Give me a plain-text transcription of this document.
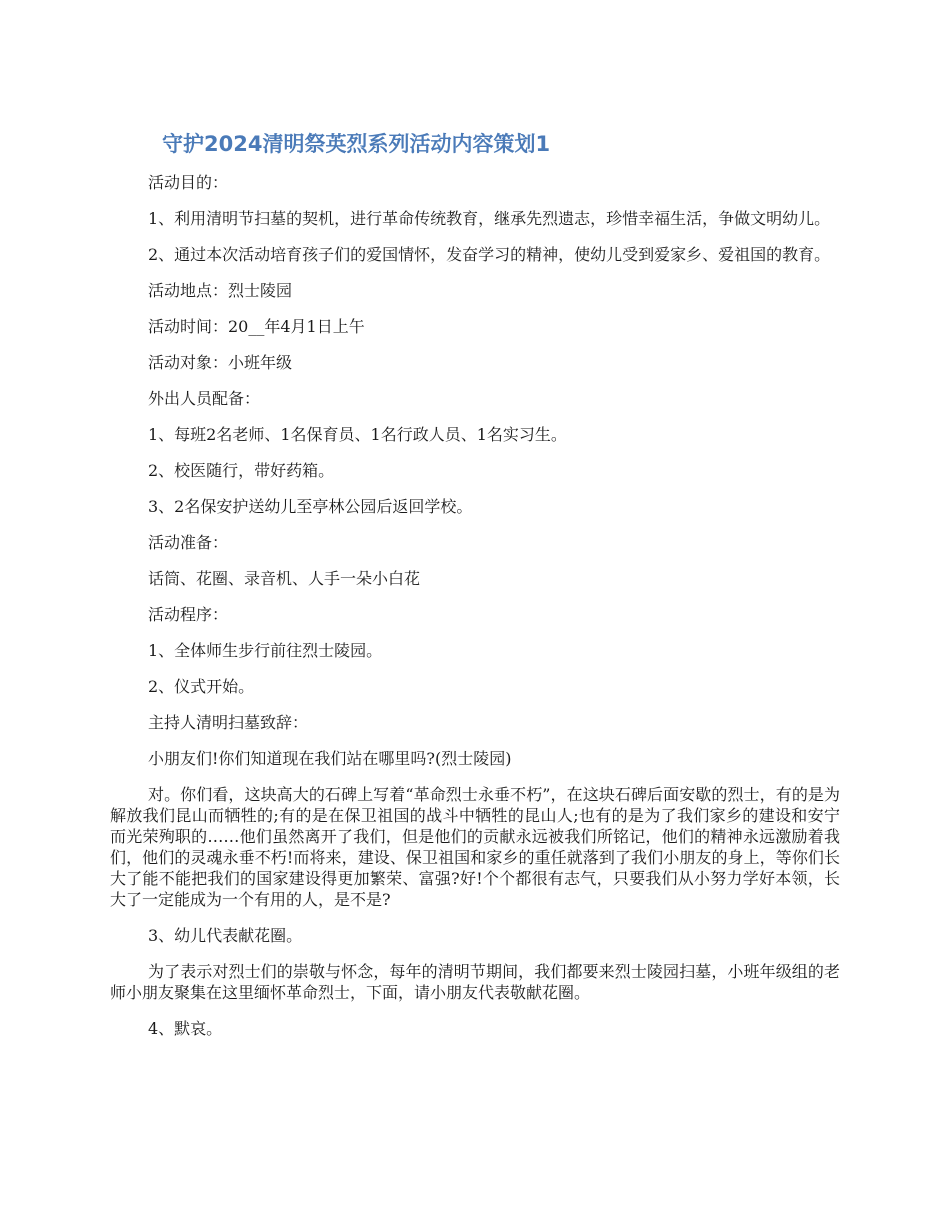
守护2024清明祭英烈系列活动内容策划1

活动目的：

1、利用清明节扫墓的契机，进行革命传统教育，继承先烈遗志，珍惜幸福生活，争做文明幼儿。

2、通过本次活动培育孩子们的爱国情怀，发奋学习的精神，使幼儿受到爱家乡、爱祖国的教育。

活动地点：烈士陵园

活动时间：20__年4月1日上午

活动对象：小班年级

外出人员配备：

1、每班2名老师、1名保育员、1名行政人员、1名实习生。

2、校医随行，带好药箱。

3、2名保安护送幼儿至亭林公园后返回学校。

活动准备：

话筒、花圈、录音机、人手一朵小白花

活动程序：

1、全体师生步行前往烈士陵园。

2、仪式开始。

主持人清明扫墓致辞：

小朋友们!你们知道现在我们站在哪里吗?(烈士陵园)

对。你们看，这块高大的石碑上写着“革命烈士永垂不朽”，在这块石碑后面安歇的烈士，有的是为解放我们昆山而牺牲的;有的是在保卫祖国的战斗中牺牲的昆山人;也有的是为了我们家乡的建设和安宁而光荣殉职的……他们虽然离开了我们，但是他们的贡献永远被我们所铭记，他们的精神永远激励着我们，他们的灵魂永垂不朽!而将来，建设、保卫祖国和家乡的重任就落到了我们小朋友的身上，等你们长大了能不能把我们的国家建设得更加繁荣、富强?好!个个都很有志气，只要我们从小努力学好本领，长大了一定能成为一个有用的人，是不是?

3、幼儿代表献花圈。

为了表示对烈士们的崇敬与怀念，每年的清明节期间，我们都要来烈士陵园扫墓，小班年级组的老师小朋友聚集在这里缅怀革命烈士，下面，请小朋友代表敬献花圈。

4、默哀。
